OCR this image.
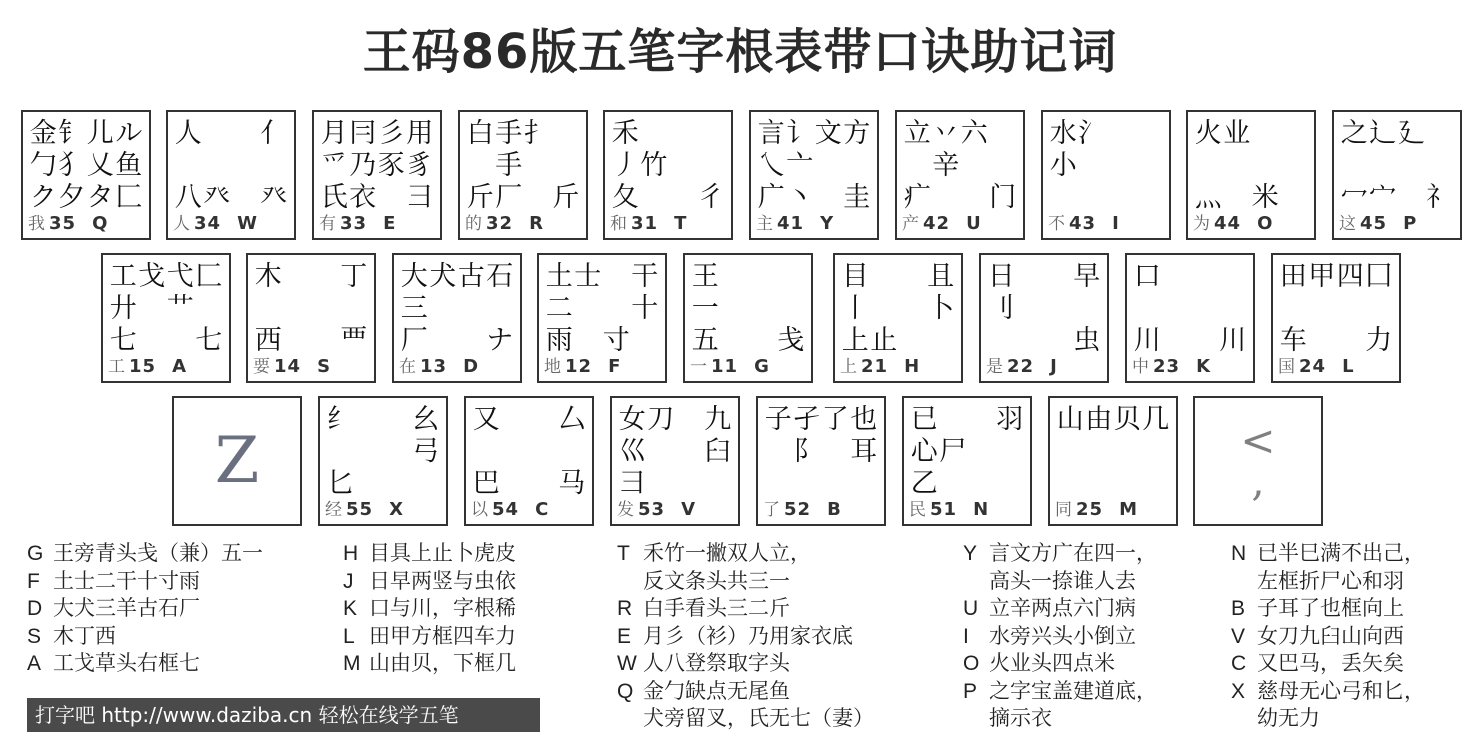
王码86版五笔字根表带口诀助记词
金 钅 儿 ル
勹 犭 乂 鱼
ク 夕 タ 匚
我 35 Q
人 亻
八 癶 癶
人 34 W
月 冃 彡 用
爫 乃 豕 豸
氏 衣 彐
有 33 E
白 手 扌
手
斤 厂 斤
的 32 R
禾
丿 竹
夂 彳
和 31 T
言 讠 文 方
乀 亠
广 丶 圭
主 41 Y
立 丷 六
辛
疒 门
产 42 U
水 氵
小
不 43 I
火 业
灬 米
为 44 O
之 辶 廴
冖 宀 礻
这 45 P
工 戈 弋 匚
廾 艹
七 七
工 15 A
木 丁
西 覀
要 14 S
大 犬 古 石
三
厂 ナ
在 13 D
土 士 干
二 十
雨 寸
地 12 F
王
一
五 戋
一 11 G
目 且
丨 卜
上 止
上 21 H
日 早
刂
虫
是 22 J
口
川 川
中 23 K
田 甲 四 囗
车 力
国 24 L
纟 幺
弓
匕
经 55 X
又 厶
巴 马
以 54 C
女 刀 九
巛 臼
彐
发 53 V
子 孑 了 也
阝 耳
了 52 B
已 羽
心 尸
乙
民 51 N
山 由 贝 几
同 25 M
Z	<
,
G 王旁青头戋（兼）五一
F 土士二干十寸雨
D 大犬三羊古石厂
S 木丁西
A 工戈草头右框七
H 目具上止卜虎皮
J 日早两竖与虫依
K 口与川，字根稀
L 田甲方框四车力
M 山由贝，下框几
T 禾竹一撇双人立，
反文条头共三一
R 白手看头三二斤
E 月彡（衫）乃用家衣底
W 人八登祭取字头
Q 金勹缺点无尾鱼
犬旁留叉，氏无七（妻）
Y 言文方广在四一，
高头一捺谁人去
U 立辛两点六门病
I 水旁兴头小倒立
O 火业头四点米
P 之字宝盖建道底，
摘示衣
N 已半巳满不出己，
左框折尸心和羽
B 子耳了也框向上
V 女刀九臼山向西
C 又巴马，丢矢矣
X 慈母无心弓和匕，
幼无力
打字吧 http://www.daziba.cn 轻松在线学五笔
